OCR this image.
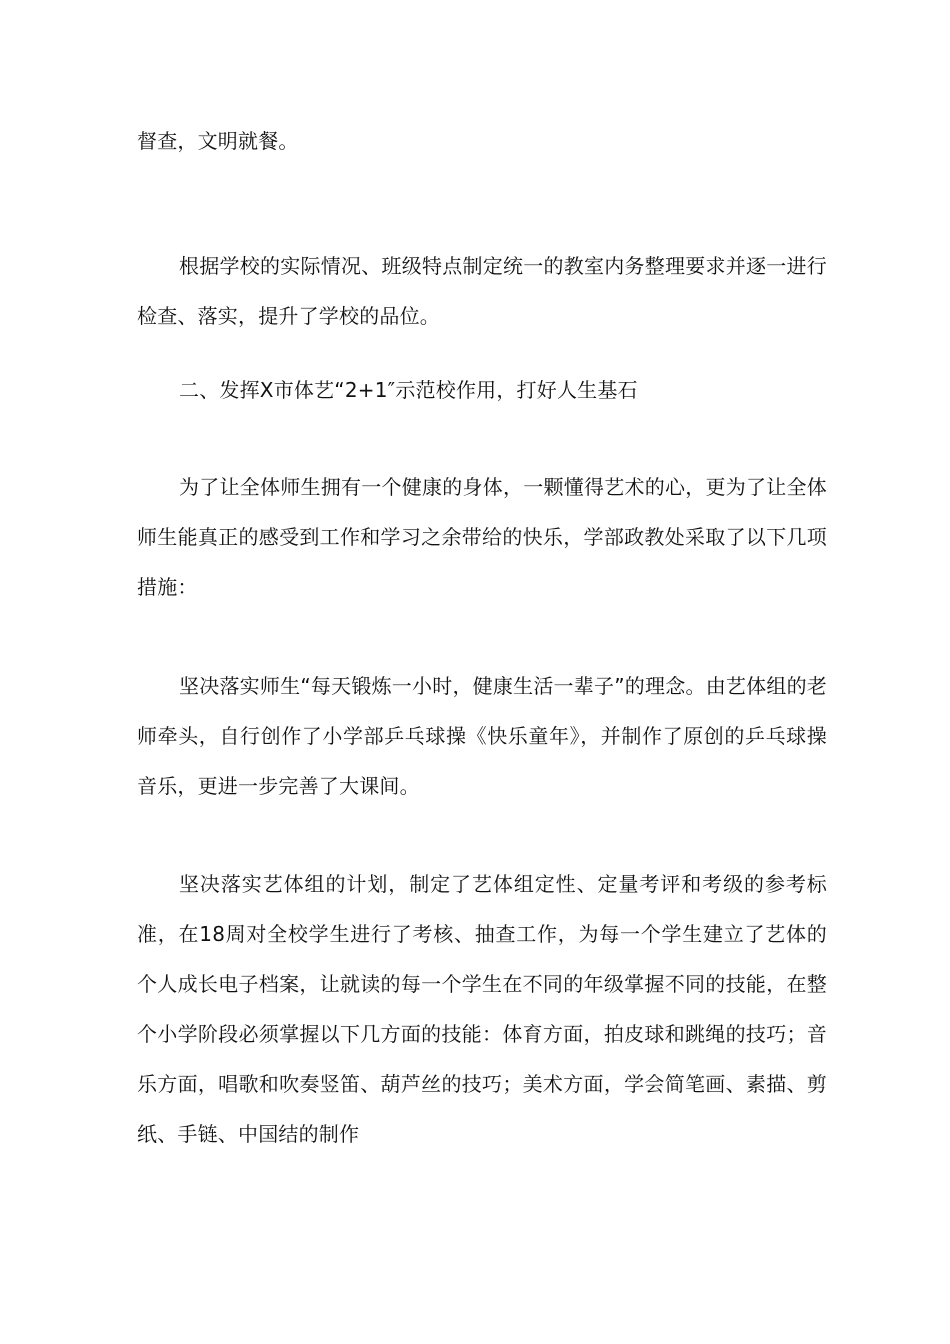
督查，文明就餐。

根据学校的实际情况、班级特点制定统一的教室内务整理要求并逐一进行检查、落实，提升了学校的品位。

二、发挥X市体艺“2+1″示范校作用，打好人生基石

为了让全体师生拥有一个健康的身体，一颗懂得艺术的心，更为了让全体师生能真正的感受到工作和学习之余带给的快乐，学部政教处采取了以下几项措施：

坚决落实师生“每天锻炼一小时，健康生活一辈子”的理念。由艺体组的老师牵头，自行创作了小学部乒乓球操《快乐童年》，并制作了原创的乒乓球操音乐，更进一步完善了大课间。

坚决落实艺体组的计划，制定了艺体组定性、定量考评和考级的参考标准，在18周对全校学生进行了考核、抽查工作，为每一个学生建立了艺体的个人成长电子档案，让就读的每一个学生在不同的年级掌握不同的技能，在整个小学阶段必须掌握以下几方面的技能：体育方面，拍皮球和跳绳的技巧；音乐方面，唱歌和吹奏竖笛、葫芦丝的技巧；美术方面，学会简笔画、素描、剪纸、手链、中国结的制作
